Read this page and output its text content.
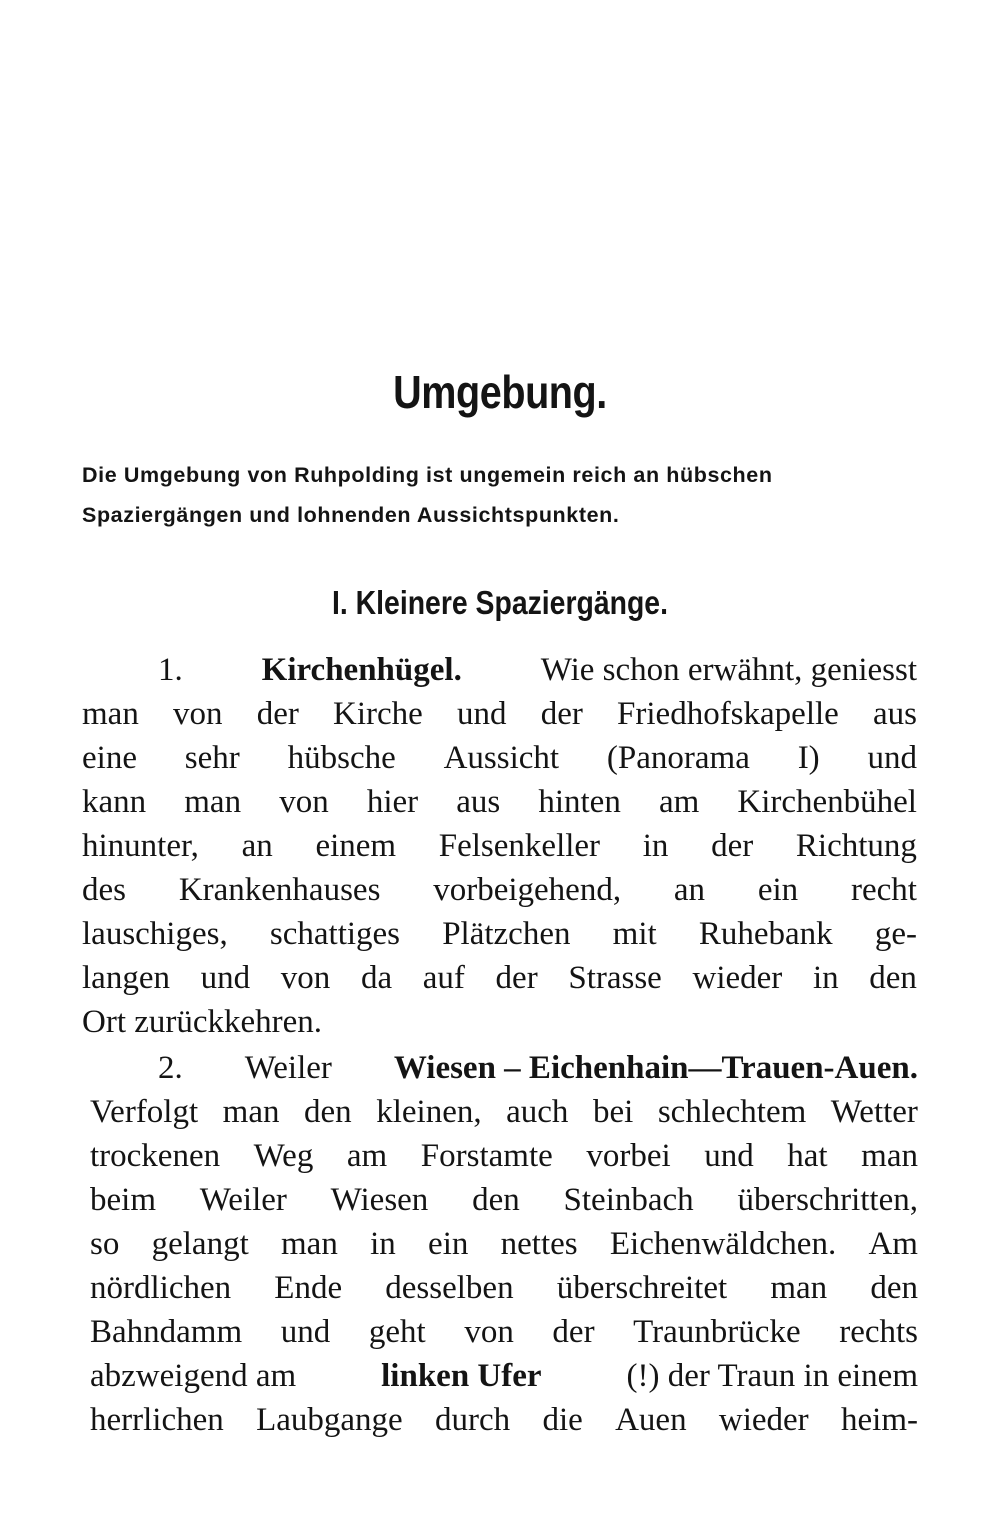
Umgebung.
Die Umgebung von Ruhpolding ist ungemein reich an hübschen Spaziergängen und lohnenden Aussichtspunkten.
I. Kleinere Spaziergänge.
1. Kirchenhügel. Wie schon erwähnt, geniesst
man von der Kirche und der Friedhofskapelle aus
eine sehr hübsche Aussicht (Panorama I) und
kann man von hier aus hinten am Kirchenbühel
hinunter, an einem Felsenkeller in der Richtung
des Krankenhauses vorbeigehend, an ein recht
lauschiges, schattiges Plätzchen mit Ruhebank ge-
langen und von da auf der Strasse wieder in den
Ort zurückkehren.
2. Weiler Wiesen – Eichenhain—Trauen-Auen.
Verfolgt man den kleinen, auch bei schlechtem Wetter
trockenen Weg am Forstamte vorbei und hat man
beim Weiler Wiesen den Steinbach überschritten,
so gelangt man in ein nettes Eichenwäldchen. Am
nördlichen Ende desselben überschreitet man den
Bahndamm und geht von der Traunbrücke rechts
abzweigend am	linken Ufer	(!) der Traun in einem
herrlichen Laubgange durch die Auen wieder heim-
